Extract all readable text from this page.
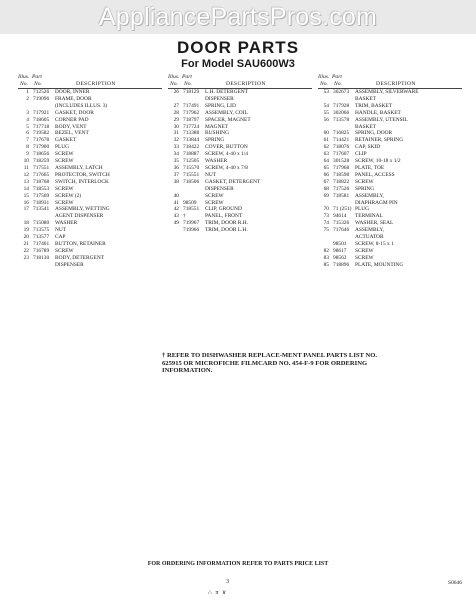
AppliancePartsPros.com
DOOR PARTS
For Model SAU600W3
Illus. Part
No. No.	DESCRIPTION
1 712526	DOOR, INNER
2 719096	FRAME, DOOR
(INCLUDES ILLUS. 3)
3 717921	GASKET, DOOR
4 718605	CORNER PAD
5 717718	BODY, VENT
6 719582	BEZEL, VENT
7 717678	GASKET
8 717900	PLUG
9 718656	SCREW
10 718259	SCREW
11 717551	ASSEMBLY, LATCH
12 717665	PROTECTOR, SWITCH
13 718768	SWITCH, INTERLOCK
14 718553	SCREW
15 717569	SCREW (2)
16 718931	SCREW
17 713541	ASSEMBLY, WETTING
AGENT DISPENSER
18 715080	WASHER
19 713575	NUT
20 713577	CAP
21 717461	BUTTON, RETAINER
22 716789	SCREW
23 718130	BODY, DETERGENT
DISPENSER
Illus. Part
No. No.	DESCRIPTION
26 718129	L.H. DETERGENT
DISPENSER
27 717491	SPRING, LID
28 717962	ASSEMBLY, COIL
29 718797	SPACER, MAGNET
30 717724	MAGNET
31 713388	BUSHING
32 713844	SPRING
33 718422	COVER, BUTTON
34 718887	SCREW, 4-40 x 1/4
35 712505	WASHER
36 715570	SCREW, 4-40 x 7/8
37 715551	NUT
38 718506	GASKET, DETERGENT
DISPENSER
40	SCREW
41 98509	SCREW
42 718551	CLIP, GROUND
43 †	PANEL, FRONT
49 719967	TRIM, DOOR R.H.
719966	TRIM, DOOR L.H.
Illus. Part
No. No.	DESCRIPTION
53 302673	ASSEMBLY, SILVERWARE
BASKET
54 717928	TRIM, BASKET
55 302066	HANDLE, BASKET
56 713578	ASSEMBLY, UTENSIL
BASKET
60 716825	SPRING, DOOR
61 714421	RETAINER, SPRING
62 718076	CAP, SKID
63 717607	CLIP
64 301528	SCREW, 10-18 x 1/2
65 717968	PLATE, TOE
66 718598	PANEL, ACCESS
67 718822	SCREW
68 717526	SPRING
69 718581	ASSEMBLY,
DIAPHRAGM PIN
70 71 (251) PLUG
73 94614	TERMINAL
74 715326	WASHER, SEAL
75 717646	ASSEMBLY,
ACTUATOR
98501	SCREW, 8-15 x 1
82 98617	SCREW
83 98563	SCREW
85 718896	PLATE, MOUNTING
† REFER TO DISHWASHER REPLACE-MENT PANEL PARTS LIST NO. 625915 OR MICROFICHE FILMCARD NO. 454-F-9 FOR ORDERING INFORMATION.
FOR ORDERING INFORMATION REFER TO PARTS PRICE LIST
3	S0646
∴ π ∨
